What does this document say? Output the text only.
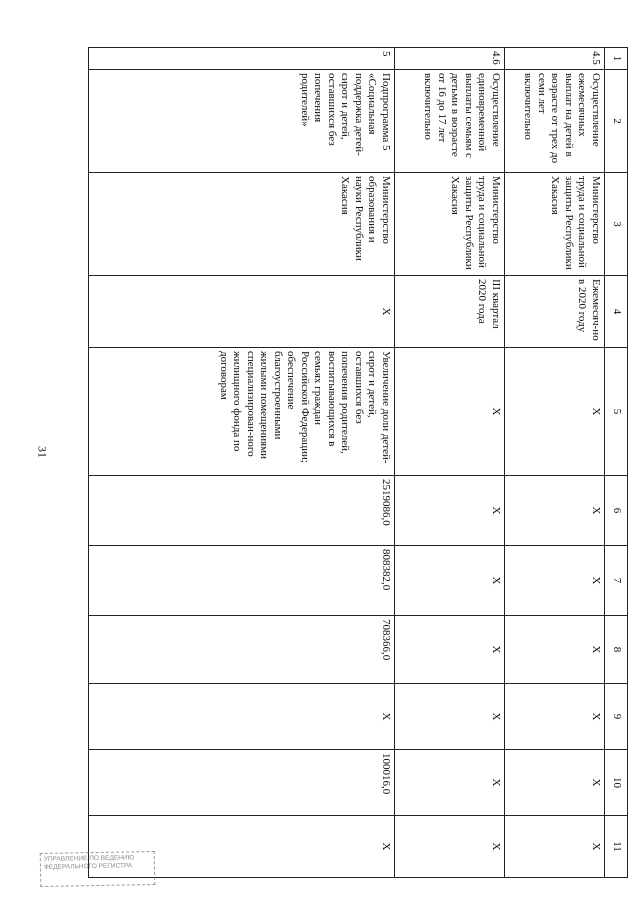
31
1	2	3	4	5	6	7	8	9	10	11
4.5	Осуществление ежемесячных выплат на детей в возрасте от трех до семи лет включительно	Министерство труда и социальной защиты Республики Хакасия	Ежемесяч-но в 2020 году	Х	Х	Х	Х	Х	Х	Х
4.6	Осуществление единовременной выплаты семьям с детьми в возрасте от 16 до 17 лет включительно	Министерство труда и социальной защиты Республики Хакасия	III квартал 2020 года	Х	Х	Х	Х	Х	Х	Х
5	Подпрограмма 5 «Социальная поддержка детей-сирот и детей, оставшихся без попечения родителей»	Министерство образования и науки Республики Хакасия	Х	Увеличение доли детей-сирот и детей, оставшихся без попечения родителей, воспитывающихся в семьях граждан Российской Федерации; обеспечение благоустроенными жилыми помещениями специализирован-ного жилищного фонда по договорам	2519086,0	808382,0	708366,0	Х	100016,0	Х
УПРАВЛЕНИЕ ПО ВЕДЕНИЮ ФЕДЕРАЛЬНОГО РЕГИСТРА
